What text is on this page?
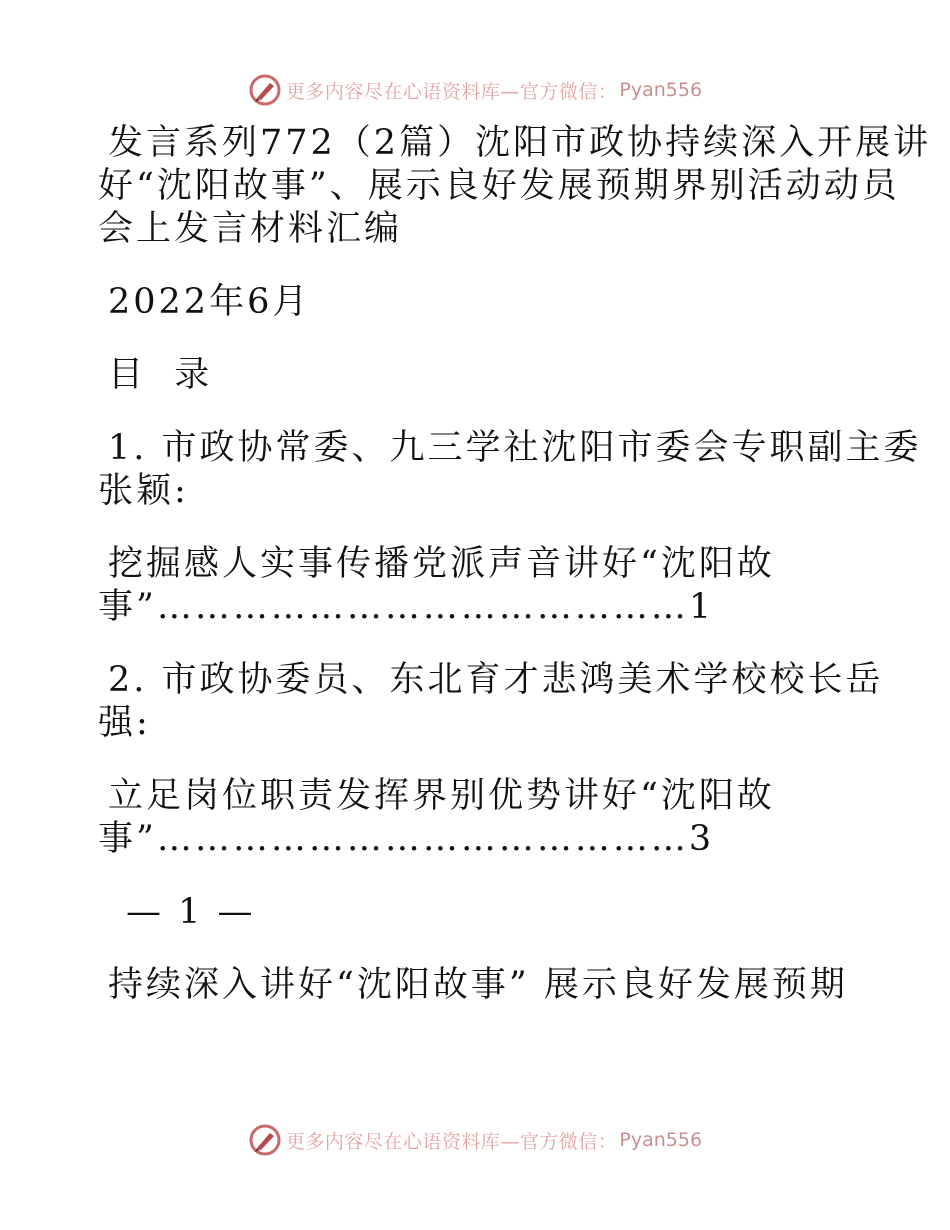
更多内容尽在心语资料库—官方微信： Pyan556

发言系列772（2篇）沈阳市政协持续深入开展讲
好“沈阳故事”、展示良好发展预期界别活动动员
会上发言材料汇编

2022年6月

目  录

1. 市政协常委、九三学社沈阳市委会专职副主委
张颖:
挖掘感人实事传播党派声音讲好“沈阳故
事”……………………………………1
2. 市政协委员、东北育才悲鸿美术学校校长岳
强:
立足岗位职责发挥界别优势讲好“沈阳故
事”……………………………………3

— 1 —

持续深入讲好“沈阳故事” 展示良好发展预期

更多内容尽在心语资料库—官方微信： Pyan556
